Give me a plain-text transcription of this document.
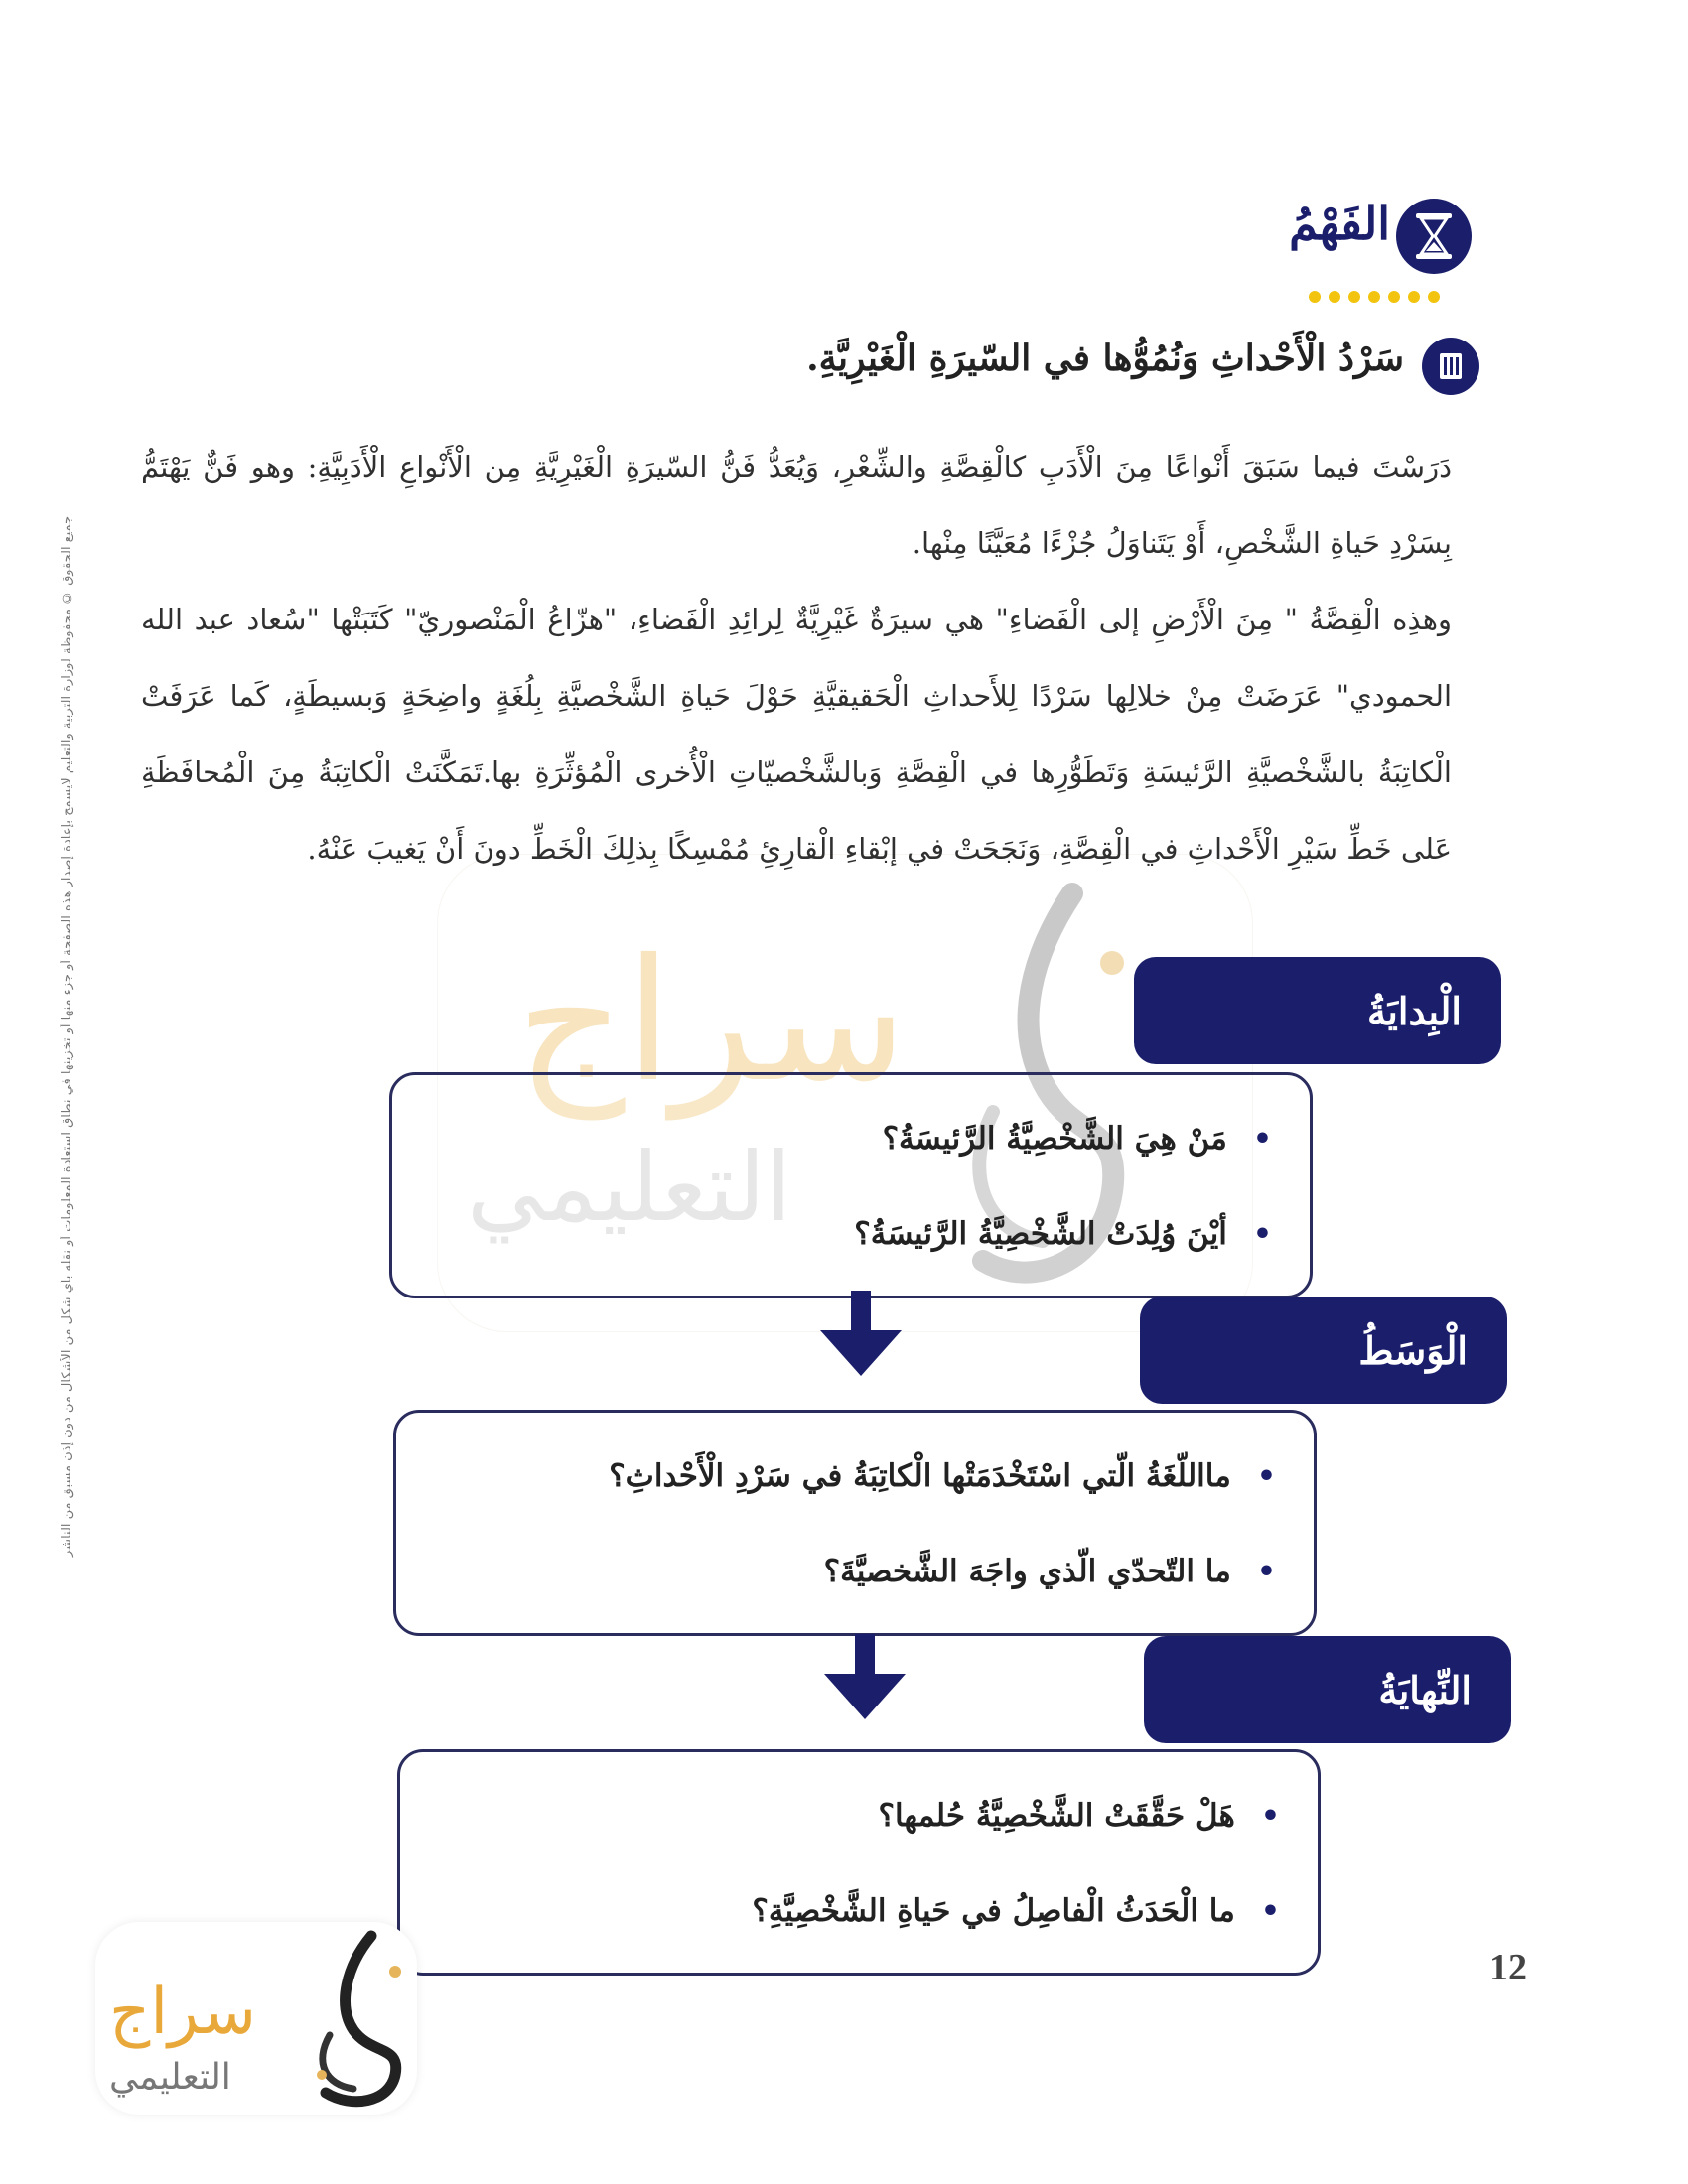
جميع الحقوق © محفوظة لوزارة التربية والتعليم لايسمح بإعادة إصدار هذه الصفحة أو جزء منها أو تخزينها في نطاق استعادة المعلومات أو نقله بأي شكل من الأشكال من دون إذن مسبق من الناشر	سراج
التعليمي
الفَهْمُ
سَرْدُ الْأَحْداثِ وَنُمُوُّها في السّيرَةِ الْغَيْرِيَّةِ.

دَرَسْتَ فيما سَبَقَ أَنْواعًا مِنَ الْأَدَبِ كالْقِصَّةِ والشِّعْرِ، وَيُعَدُّ فَنُّ السّيرَةِ الْغَيْرِيَّةِ مِن الْأَنْواعِ الْأَدَبِيَّةِ: وهو فَنٌّ يَهْتَمُّ بِسَرْدِ حَياةِ الشَّخْصِ، أَوْ يَتَناوَلُ جُزْءًا مُعَيَّنًا مِنْها.

وهذِه الْقِصَّةُ " مِنَ الْأَرْضِ إلى الْفَضاءِ" هي سيرَةٌ غَيْرِيَّةٌ لِرائِدِ الْفَضاءِ، "هزّاعُ الْمَنْصوريّ" كَتَبَتْها "سُعاد عبد الله الحمودي" عَرَضَتْ مِنْ خلالِها سَرْدًا لِلأَحداثِ الْحَقيقيَّةِ حَوْلَ حَياةِ الشَّخْصيَّةِ بِلُغَةٍ واضِحَةٍ وَبسيطَةٍ، كَما عَرَفَتْ الْكاتِبَةُ بالشَّخْصيَّةِ الرَّئيسَةِ وَتَطَوُّرِها في الْقِصَّةِ وَبالشَّخْصيّاتِ الْأُخرى الْمُؤثِّرَةِ بها.تَمَكَّنَتْ الْكاتِبَةُ مِنَ الْمُحافَظَةِ عَلى خَطِّ سَيْرِ الْأَحْداثِ في الْقِصَّةِ، وَنَجَحَتْ في إبْقاءِ الْقارِئِ مُمْسِكًا بِذلِكَ الْخَطِّ دونَ أَنْ يَغيبَ عَنْهُ.

الْبِدايَةُ
• مَنْ هِيَ الشَّخْصِيَّةُ الرَّئيسَةُ؟
• أيْنَ وُلِدَتْ الشَّخْصِيَّةُ الرَّئيسَةُ؟
الْوَسَطُ
• مااللّغَةُ الّتي اسْتَخْدَمَتْها الْكاتِبَةُ في سَرْدِ الْأَحْداثِ؟
• ما التّحدّي الّذي واجَهَ الشَّخصيَّةَ؟
النِّهايَةُ
• هَلْ حَقَّقَتْ الشَّخْصِيَّةُ حُلمها؟
• ما الْحَدَثُ الْفاصِلُ في حَياةِ الشَّخْصِيَّةِ؟
12
سراج
التعليمي
